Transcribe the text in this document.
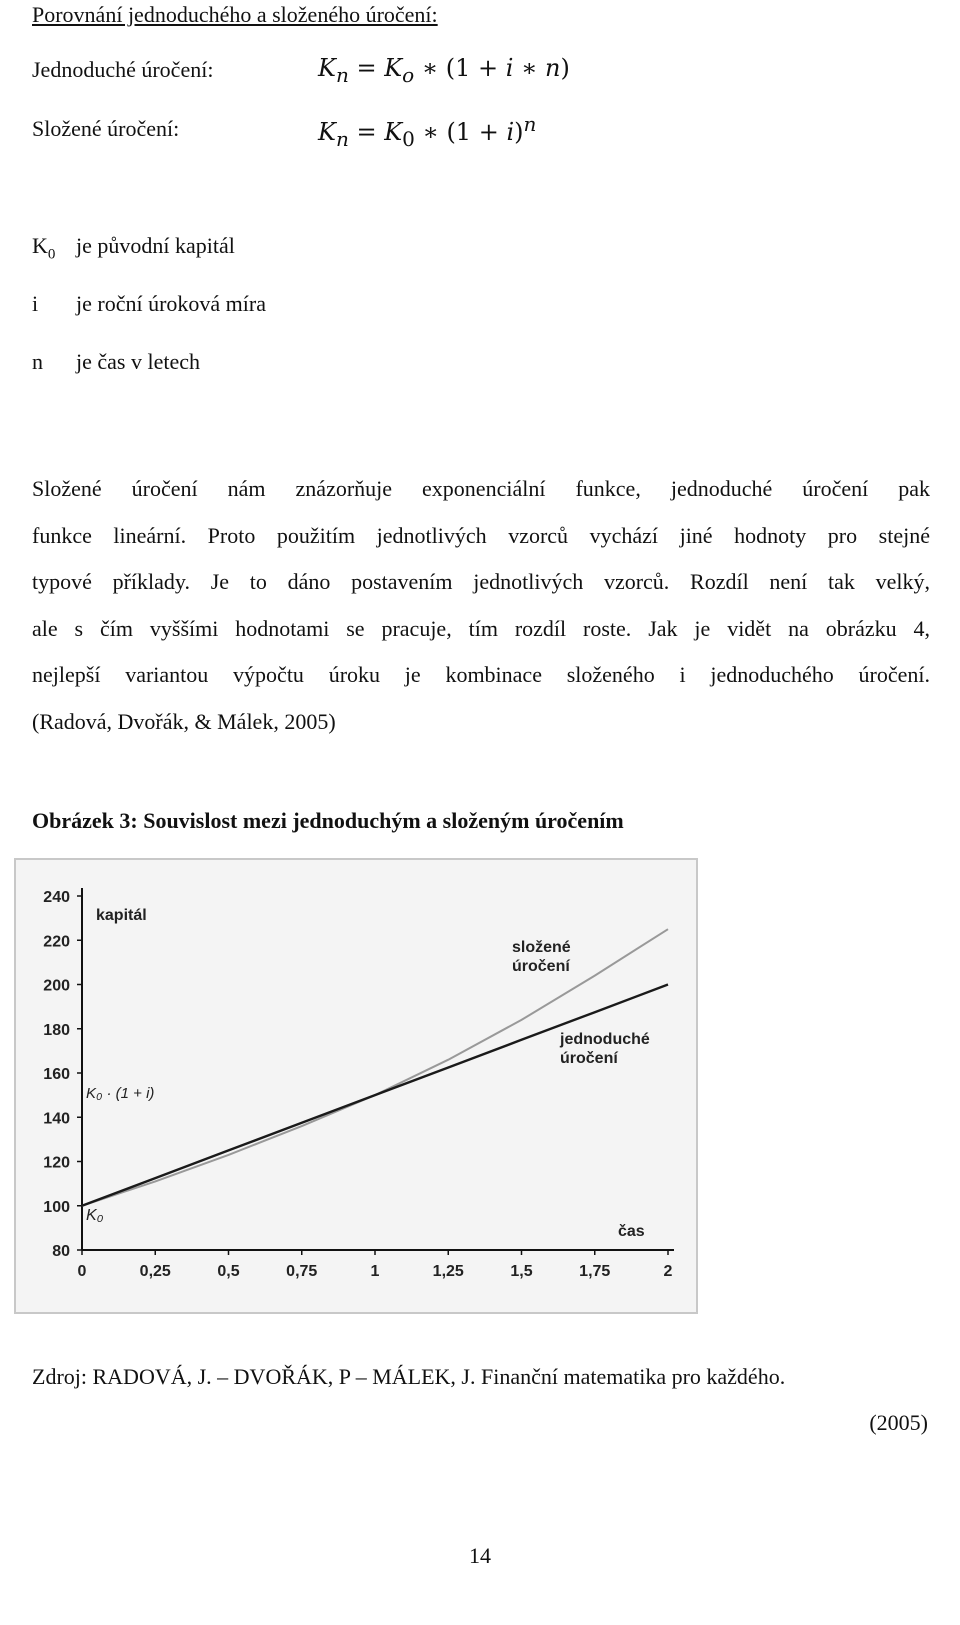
Porovnání jednoduchého a složeného úročení:
Jednoduché úročení:	$K_n = K_o$ ∗ (1 + i ∗ n)
Složené úročení:	$K_n = K_0$ ∗ $(1 + i)^n$
$K_0$ je původní kapitál
i je roční úroková míra
n je čas v letech
Složené úročení nám znázorňuje exponenciální funkce, jednoduché úročení pak
funkce lineární. Proto použitím jednotlivých vzorců vychází jiné hodnoty pro stejné
typové příklady. Je to dáno postavením jednotlivých vzorců. Rozdíl není tak velký,
ale s čím vyššími hodnotami se pracuje, tím rozdíl roste. Jak je vidět na obrázku 4,
nejlepší variantou výpočtu úroku je kombinace složeného i jednoduchého úročení.
(Radová, Dvořák, & Málek, 2005)
Obrázek 3: Souvislost mezi jednoduchým a složeným úročením
80
100
120
140
160
180
200
220
240
0	0,25	0,5	0,75	1	1,25	1,5	1,75	2
kapitál
čas
složené úročení
jednoduché úročení
K₀
K₀ · (1 + i)
Zdroj: RADOVÁ, J. – DVOŘÁK, P – MÁLEK, J. Finanční matematika pro každého.
(2005)
14
